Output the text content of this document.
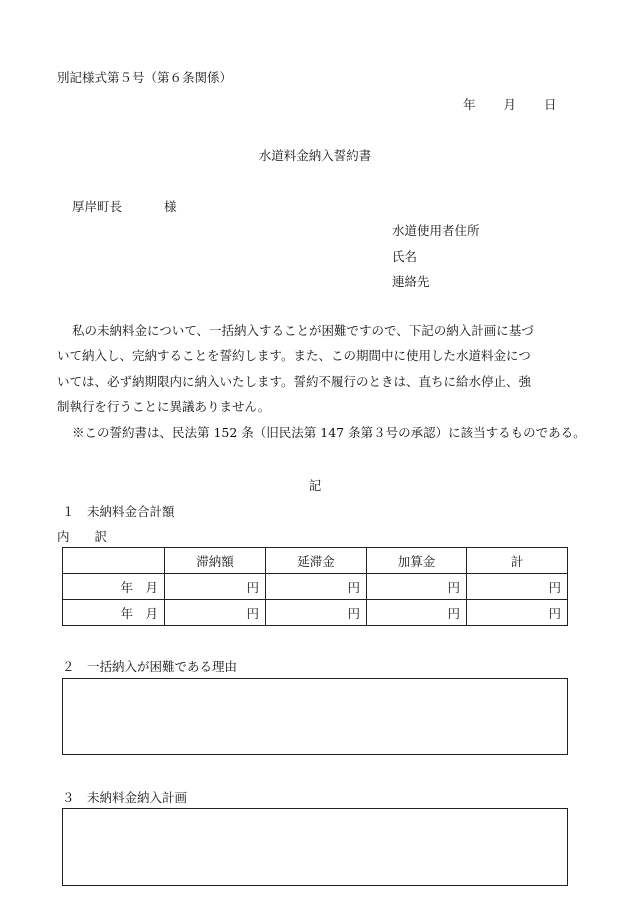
別記様式第５号（第６条関係）
年 月 日
水道料金納入誓約書
厚岸町長	様
水道使用者住所
氏名
連絡先
私の未納料金について、一括納入することが困難ですので、下記の納入計画に基づ
いて納入し、完納することを誓約します。また、この期間中に使用した水道料金につ
いては、必ず納期限内に納入いたします。誓約不履行のときは、直ちに給水停止、強
制執行を行うことに異議ありません。
※この誓約書は、民法第 152 条（旧民法第 147 条第３号の承認）に該当するものである。
記
１　未納料金合計額
内　　訳
	滞納額	延滞金	加算金	計
年　月	円	円	円	円
年　月	円	円	円	円
２　一括納入が困難である理由
３　未納料金納入計画
